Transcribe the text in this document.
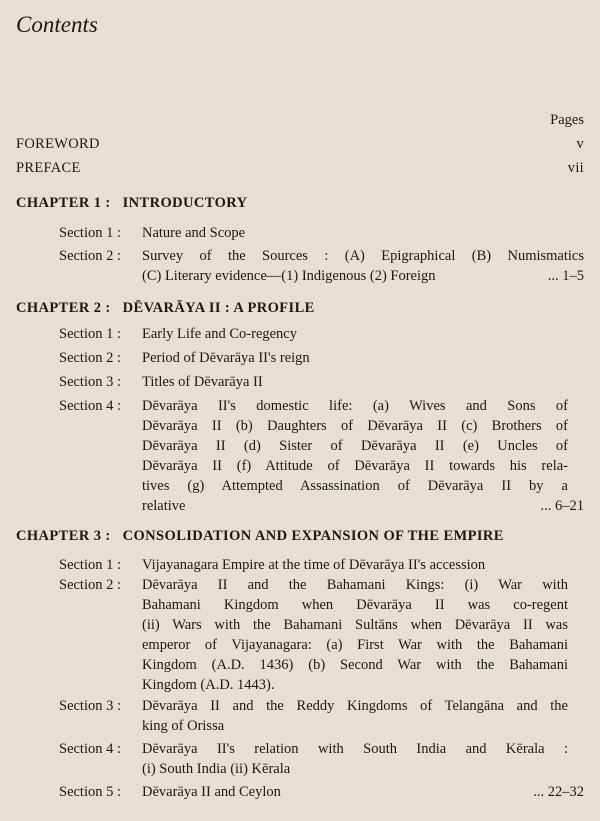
Contents
Pages
FOREWORD	v
PREFACE	vii
CHAPTER 1 : INTRODUCTORY
Section 1 : Nature and Scope
Section 2 : Survey of the Sources : (A) Epigraphical (B) Numismatics
(C) Literary evidence—(1) Indigenous (2) Foreign	... 1–5
CHAPTER 2 : DĒVARĀYA II : A PROFILE
Section 1 : Early Life and Co-regency
Section 2 : Period of Dēvarāya II's reign
Section 3 : Titles of Dēvarāya II
Section 4 : Dēvarāya II's domestic life: (a) Wives and Sons of
Dēvarāya II (b) Daughters of Dēvarāya II (c) Brothers of
Dēvarāya II (d) Sister of Dēvarāya II (e) Uncles of
Dēvarāya II (f) Attitude of Dēvarāya II towards his rela-
tives (g) Attempted Assassination of Dēvarāya II by a
relative	... 6–21
CHAPTER 3 : CONSOLIDATION AND EXPANSION OF THE EMPIRE
Section 1 : Vijayanagara Empire at the time of Dēvarāya II's accession
Section 2 : Dēvarāya II and the Bahamani Kings: (i) War with
Bahamani Kingdom when Dēvarāya II was co-regent
(ii) Wars with the Bahamani Sultāns when Dēvarāya II was
emperor of Vijayanagara: (a) First War with the Bahamani
Kingdom (A.D. 1436) (b) Second War with the Bahamani
Kingdom (A.D. 1443).
Section 3 : Dēvarāya II and the Reddy Kingdoms of Telangāna and the
king of Orissa
Section 4 : Dēvarāya II's relation with South India and Kērala :
(i) South India (ii) Kērala
Section 5 : Dēvarāya II and Ceylon	... 22–32
